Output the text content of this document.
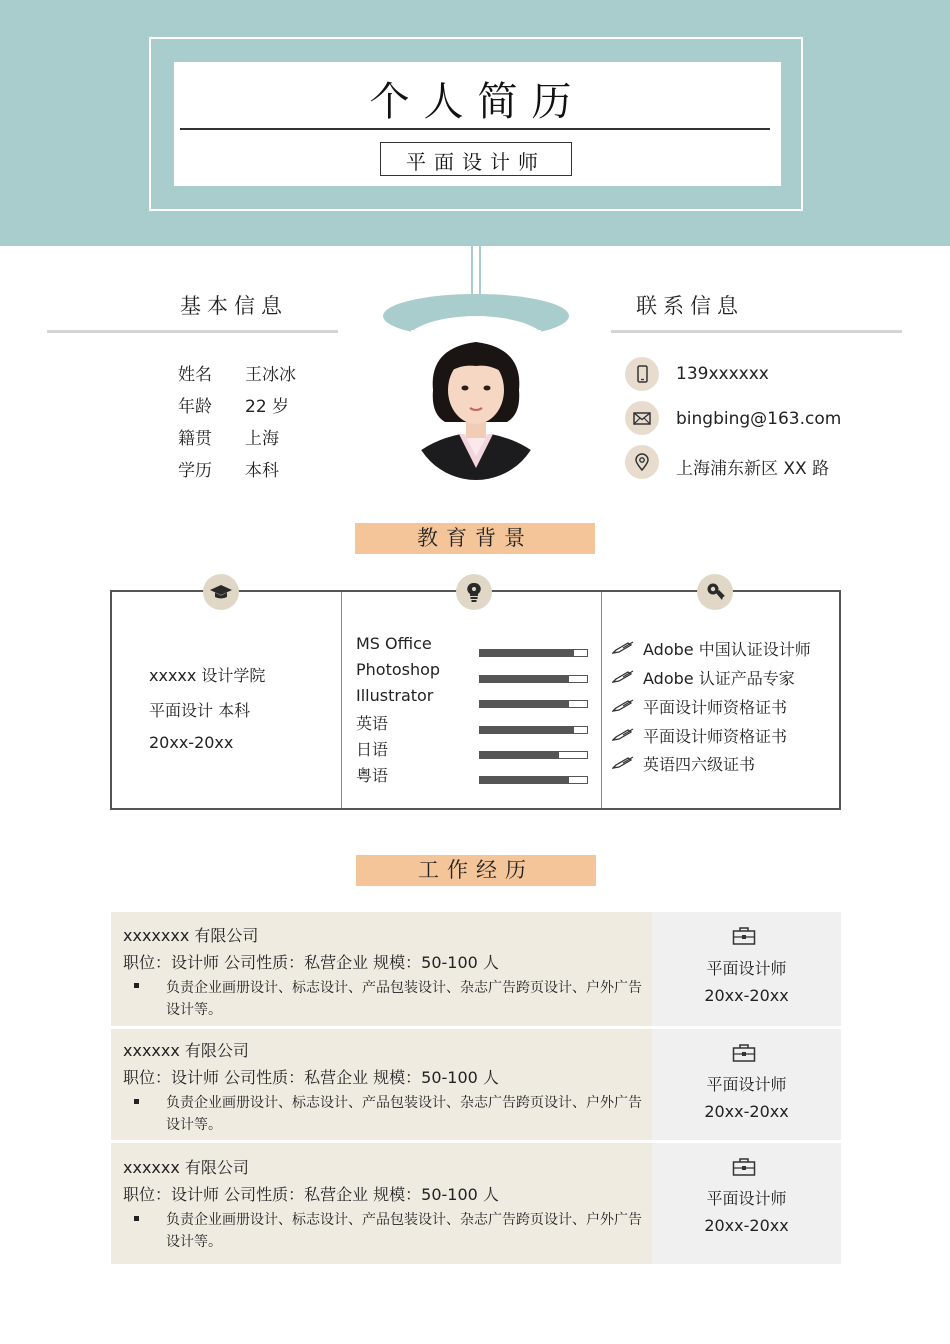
个人简历
平面设计师
基本信息
姓名 王冰冰
年龄 22 岁
籍贯 上海
学历 本科
联系信息
139xxxxxx
bingbing@163.com
上海浦东新区 XX 路
教育背景
xxxxx 设计学院
平面设计 本科
20xx-20xx
MS Office
Photoshop
Illustrator
英语
日语
粤语
Adobe 中国认证设计师
Adobe 认证产品专家
平面设计师资格证书
平面设计师资格证书
英语四六级证书
工作经历
xxxxxxx 有限公司
职位：设计师 公司性质：私营企业 规模：50-100 人
负责企业画册设计、标志设计、产品包装设计、杂志广告跨页设计、户外广告设计等。
平面设计师
20xx-20xx
xxxxxx 有限公司
职位：设计师 公司性质：私营企业 规模：50-100 人
负责企业画册设计、标志设计、产品包装设计、杂志广告跨页设计、户外广告设计等。
平面设计师
20xx-20xx
xxxxxx 有限公司
职位：设计师 公司性质：私营企业 规模：50-100 人
负责企业画册设计、标志设计、产品包装设计、杂志广告跨页设计、户外广告设计等。
平面设计师
20xx-20xx
